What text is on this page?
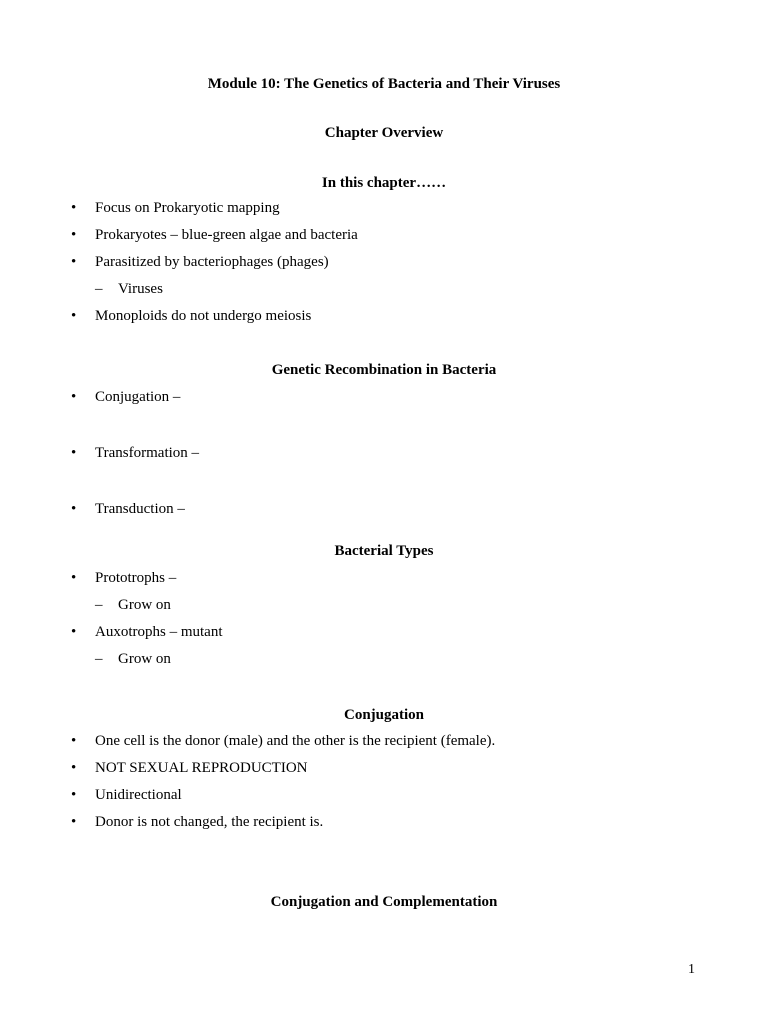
Module 10: The Genetics of Bacteria and Their Viruses
Chapter Overview
In this chapter……
• Focus on Prokaryotic mapping
• Prokaryotes – blue-green algae and bacteria
• Parasitized by bacteriophages (phages)
– Viruses
• Monoploids do not undergo meiosis
Genetic Recombination in Bacteria
• Conjugation –
• Transformation –
• Transduction –
Bacterial Types
• Prototrophs –
– Grow on
• Auxotrophs – mutant
– Grow on
Conjugation
• One cell is the donor (male) and the other is the recipient (female).
• NOT SEXUAL REPRODUCTION
• Unidirectional
• Donor is not changed, the recipient is.
Conjugation and Complementation
1
